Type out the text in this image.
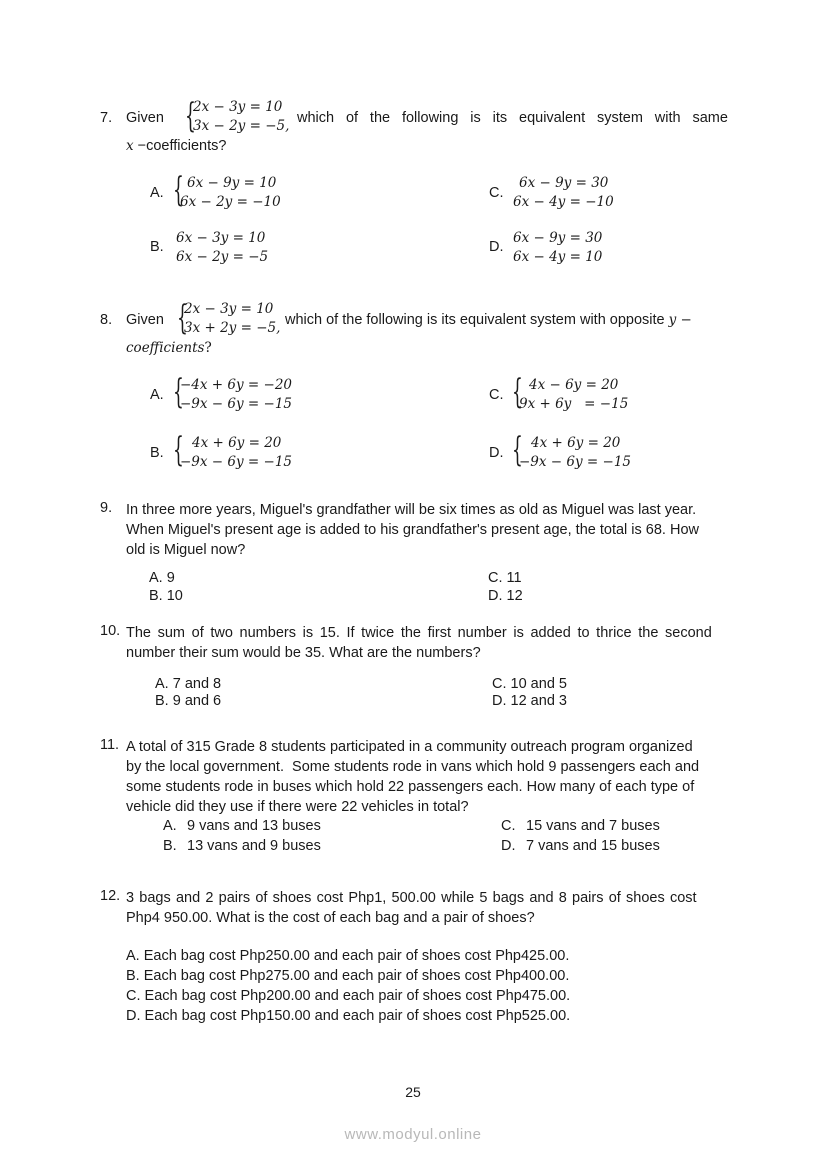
7. Given {
2x − 3y = 10
3x − 2y = −5, which of the following is its equivalent system with same
x −coefficients?
A. { 6x − 9y = 10
6x − 2y = −10
B.
6x − 3y = 10
6x − 2y = −5
C.
6x − 9y = 30
6x − 4y = −10
D.
6x − 9y = 30
6x − 4y = 10
8. Given {
2x − 3y = 10
3x + 2y = −5, which of the following is its equivalent system with opposite y −
coefficients?
A. {
−4x + 6y = −20
−9x − 6y = −15
B. { 4x + 6y = 20
−9x − 6y = −15
C. { 4x − 6y = 20
9x + 6y   = −15
D. { 4x + 6y = 20
−9x − 6y = −15
9. In three more years, Miguel's grandfather will be six times as old as Miguel was last year.
When Miguel's present age is added to his grandfather's present age, the total is 68. How
old is Miguel now?
A. 9
B. 10
C. 11
D. 12
10. The sum of two numbers is 15. If twice the first number is added to thrice the second
number their sum would be 35. What are the numbers?
A. 7 and 8
B. 9 and 6
C. 10 and 5
D. 12 and 3
11. A total of 315 Grade 8 students participated in a community outreach program organized
by the local government.  Some students rode in vans which hold 9 passengers each and
some students rode in buses which hold 22 passengers each. How many of each type of
vehicle did they use if there were 22 vehicles in total?
A. 9 vans and 13 buses
B. 13 vans and 9 buses
C. 15 vans and 7 buses
D. 7 vans and 15 buses
12. 3 bags and 2 pairs of shoes cost Php1, 500.00 while 5 bags and 8 pairs of shoes cost
Php4 950.00. What is the cost of each bag and a pair of shoes?
A. Each bag cost Php250.00 and each pair of shoes cost Php425.00.
B. Each bag cost Php275.00 and each pair of shoes cost Php400.00.
C. Each bag cost Php200.00 and each pair of shoes cost Php475.00.
D. Each bag cost Php150.00 and each pair of shoes cost Php525.00.
25
www.modyul.online
